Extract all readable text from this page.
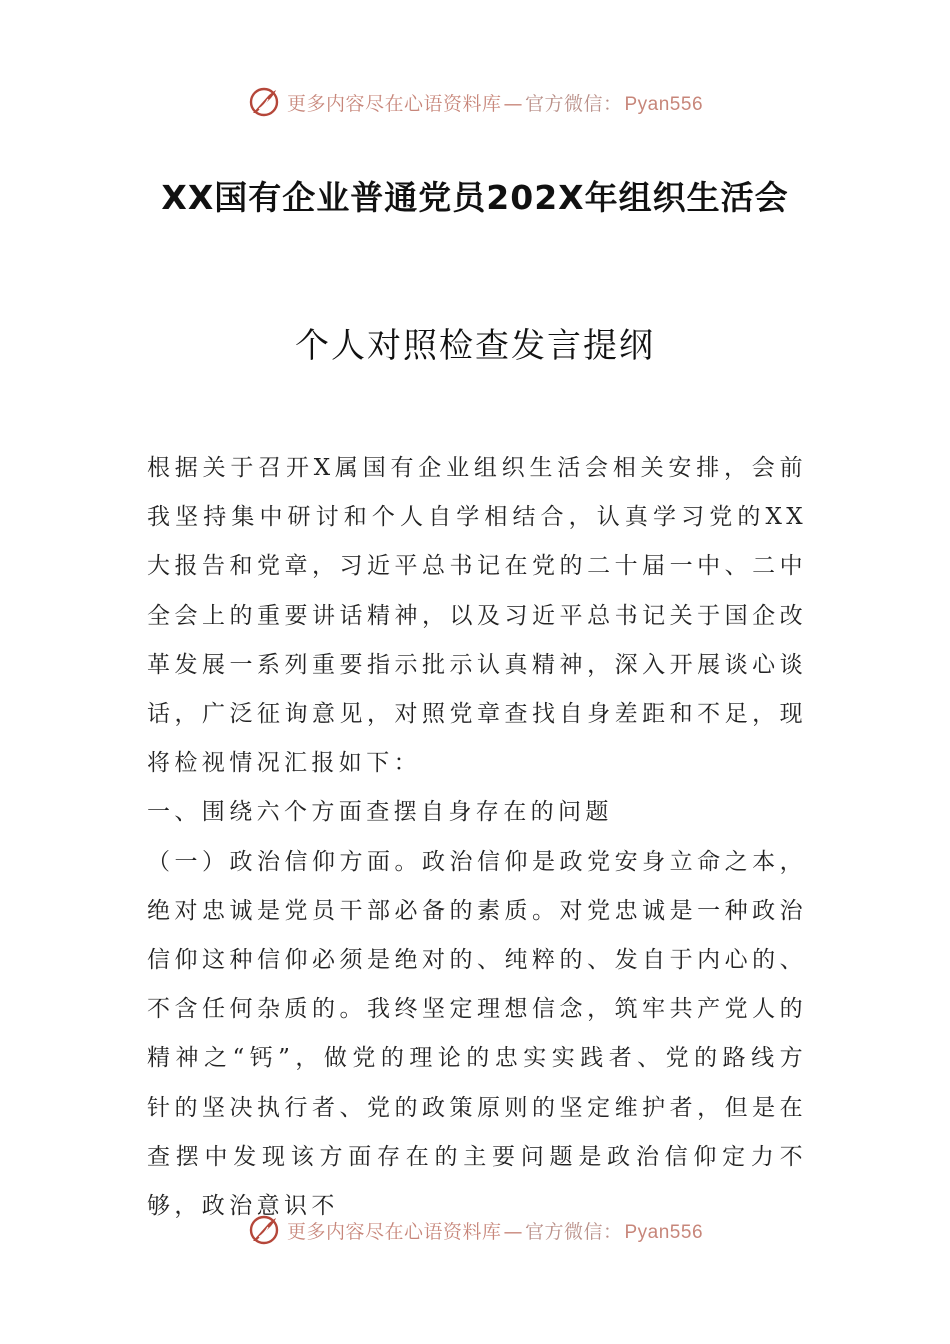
更多内容尽在心语资料库 — 官方微信： Pyan556
XX国有企业普通党员202X年组织生活会
个人对照检查发言提纲

根据关于召开X属国有企业组织生活会相关安排，会前我坚持集中研讨和个人自学相结合，认真学习党的XX大报告和党章，习近平总书记在党的二十届一中、二中全会上的重要讲话精神，以及习近平总书记关于国企改革发展一系列重要指示批示认真精神，深入开展谈心谈话，广泛征询意见，对照党章查找自身差距和不足，现将检视情况汇报如下：

一、围绕六个方面查摆自身存在的问题

（一）政治信仰方面。政治信仰是政党安身立命之本，绝对忠诚是党员干部必备的素质。对党忠诚是一种政治信仰这种信仰必须是绝对的、纯粹的、发自于内心的、不含任何杂质的。我终坚定理想信念，筑牢共产党人的精神之“钙”，做党的理论的忠实实践者、党的路线方针的坚决执行者、党的政策原则的坚定维护者，但是在查摆中发现该方面存在的主要问题是政治信仰定力不够，政治意识不

更多内容尽在心语资料库 — 官方微信： Pyan556
